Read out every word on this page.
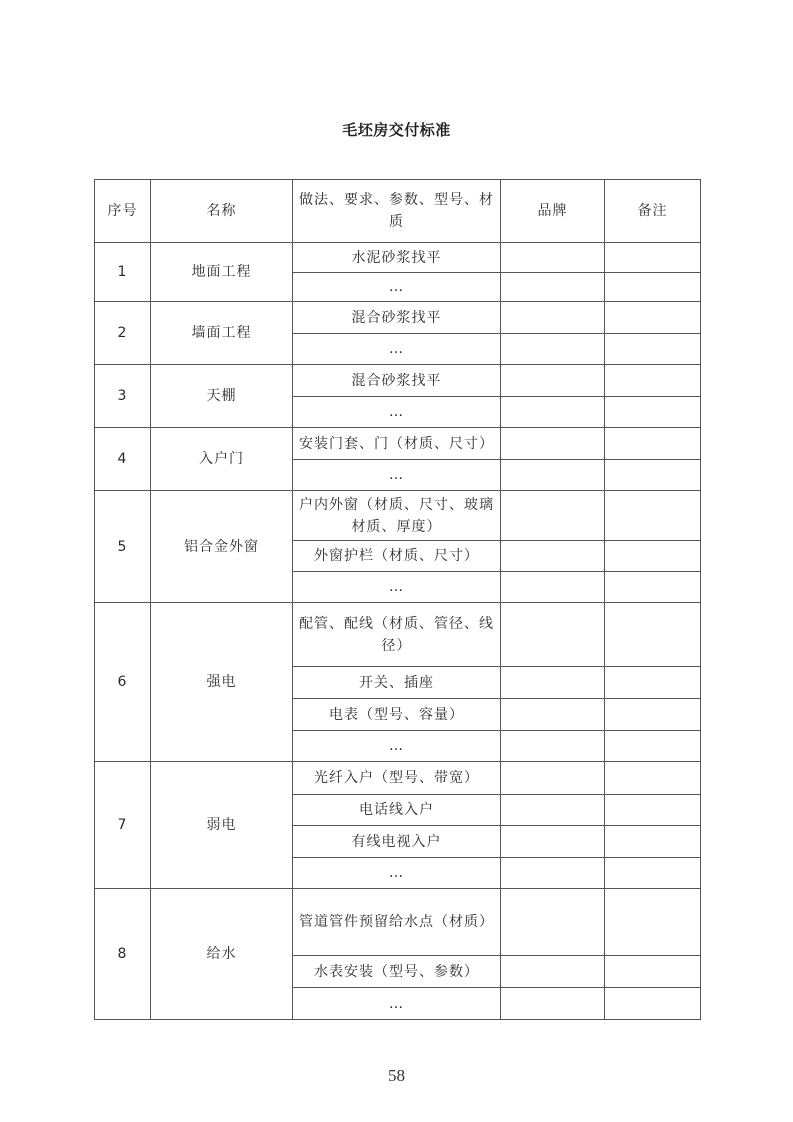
毛坯房交付标准
序号	名称	做法、要求、参数、型号、材质	品牌	备注
1	地面工程	水泥砂浆找平		
		…		
2	墙面工程	混合砂浆找平		
		…		
3	天棚	混合砂浆找平		
		…		
4	入户门	安装门套、门（材质、尺寸）		
		…		
5	铝合金外窗	户内外窗（材质、尺寸、玻璃材质、厚度）		
		外窗护栏（材质、尺寸）		
		…		
6	强电	配管、配线（材质、管径、线径）		
		开关、插座		
		电表（型号、容量）		
		…		
7	弱电	光纤入户（型号、带宽）		
		电话线入户		
		有线电视入户		
		…		
8	给水	管道管件预留给水点（材质）		
		水表安装（型号、参数）		
		…		
58
